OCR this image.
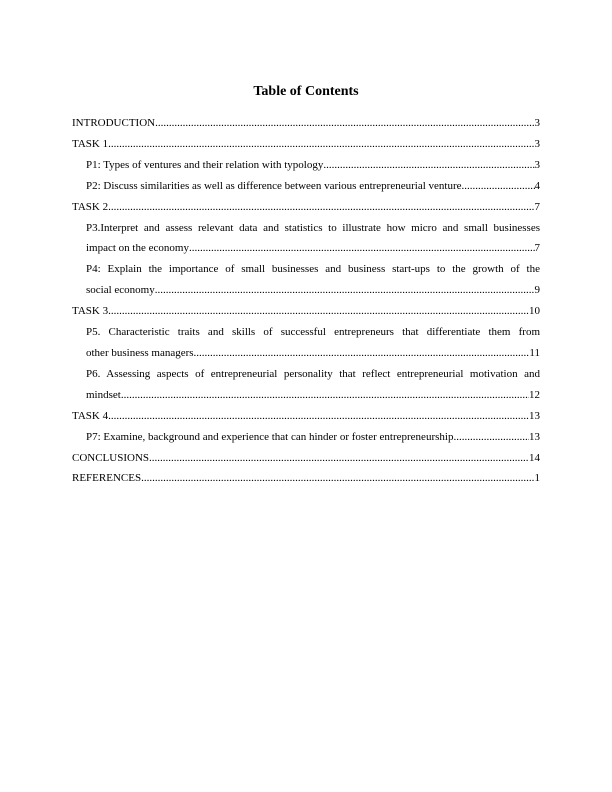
Table of Contents
INTRODUCTION .....	3
TASK 1 .....	3
P1: Types of ventures and their relation with typology .....	3
P2: Discuss similarities as well as difference between various entrepreneurial venture .....	4
TASK 2 .....	7
P3.Interpret and assess relevant data and statistics to illustrate how micro and small businesses
impact on the economy .....	7
P4: Explain the importance of small businesses and business start-ups to the growth of the
social economy .....	9
TASK 3 .....	10
P5. Characteristic traits and skills of successful entrepreneurs that differentiate them from
other business managers .....	11
P6. Assessing aspects of entrepreneurial personality that reflect entrepreneurial motivation and
mindset .....	12
TASK 4 .....	13
P7: Examine, background and experience that can hinder or foster entrepreneurship .....	13
CONCLUSIONS .....	14
REFERENCES .....	1
